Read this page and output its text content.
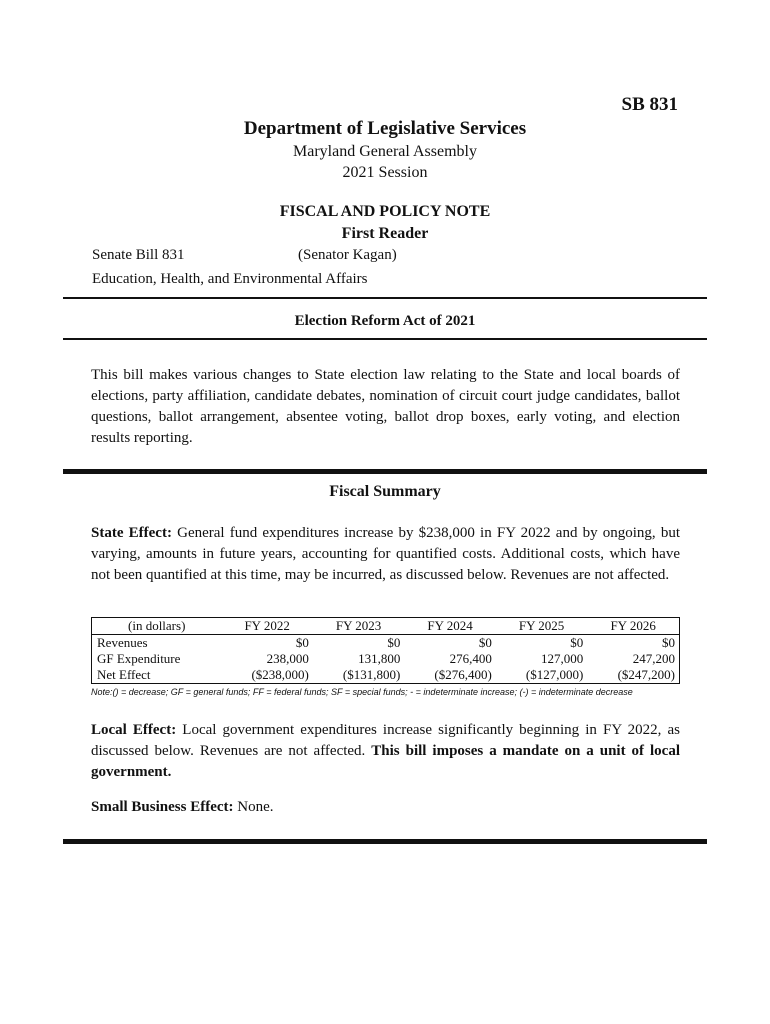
SB 831
Department of Legislative Services
Maryland General Assembly
2021 Session
FISCAL AND POLICY NOTE
First Reader
Senate Bill 831	(Senator Kagan)
Education, Health, and Environmental Affairs
Election Reform Act of 2021
This bill makes various changes to State election law relating to the State and local boards of elections, party affiliation, candidate debates, nomination of circuit court judge candidates, ballot questions, ballot arrangement, absentee voting, ballot drop boxes, early voting, and election results reporting.
Fiscal Summary
State Effect: General fund expenditures increase by $238,000 in FY 2022 and by ongoing, but varying, amounts in future years, accounting for quantified costs. Additional costs, which have not been quantified at this time, may be incurred, as discussed below. Revenues are not affected.
(in dollars)	FY 2022	FY 2023	FY 2024	FY 2025	FY 2026
Revenues	$0	$0	$0	$0	$0
GF Expenditure	238,000	131,800	276,400	127,000	247,200
Net Effect	($238,000)	($131,800)	($276,400)	($127,000)	($247,200)
Note:() = decrease; GF = general funds; FF = federal funds; SF = special funds; - = indeterminate increase; (-) = indeterminate decrease
Local Effect: Local government expenditures increase significantly beginning in FY 2022, as discussed below. Revenues are not affected. This bill imposes a mandate on a unit of local government.
Small Business Effect: None.
